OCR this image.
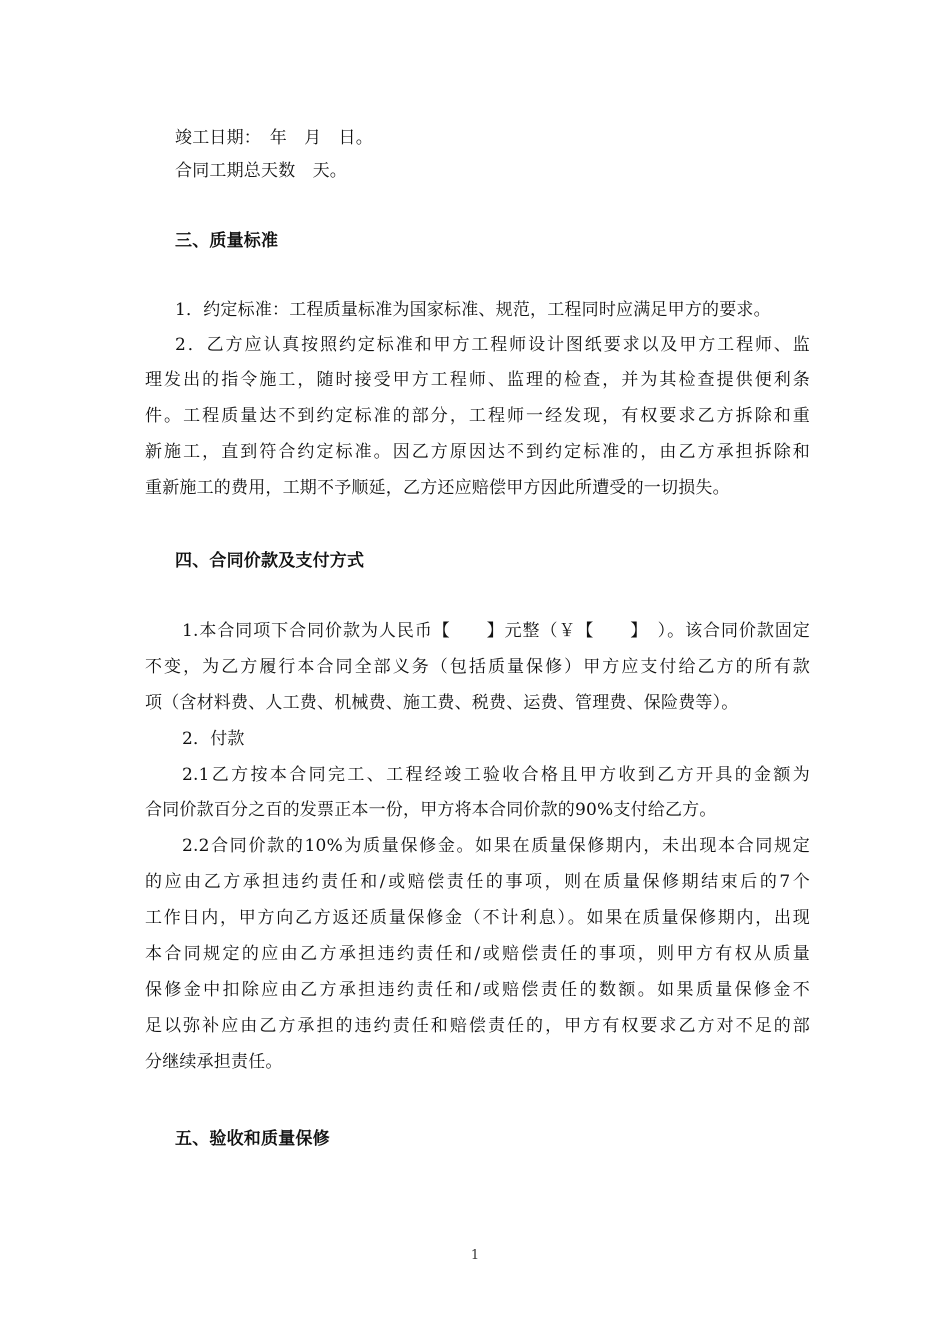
竣工日期：　年　月　日。
合同工期总天数　天。
三、质量标准
1．约定标准：工程质量标准为国家标准、规范，工程同时应满足甲方的要求。
2．乙方应认真按照约定标准和甲方工程师设计图纸要求以及甲方工程师、监
理发出的指令施工，随时接受甲方工程师、监理的检查，并为其检查提供便利条
件。工程质量达不到约定标准的部分，工程师一经发现，有权要求乙方拆除和重
新施工，直到符合约定标准。因乙方原因达不到约定标准的，由乙方承担拆除和
重新施工的费用，工期不予顺延，乙方还应赔偿甲方因此所遭受的一切损失。
四、合同价款及支付方式
1.本合同项下合同价款为人民币【　　】元整（￥【　　】　）。该合同价款固定
不变，为乙方履行本合同全部义务（包括质量保修）甲方应支付给乙方的所有款
项（含材料费、人工费、机械费、施工费、税费、运费、管理费、保险费等）。
2．付款
2.1乙方按本合同完工、工程经竣工验收合格且甲方收到乙方开具的金额为
合同价款百分之百的发票正本一份，甲方将本合同价款的90%支付给乙方。
2.2合同价款的10%为质量保修金。如果在质量保修期内，未出现本合同规定
的应由乙方承担违约责任和/或赔偿责任的事项，则在质量保修期结束后的7个
工作日内，甲方向乙方返还质量保修金（不计利息）。如果在质量保修期内，出现
本合同规定的应由乙方承担违约责任和/或赔偿责任的事项，则甲方有权从质量
保修金中扣除应由乙方承担违约责任和/或赔偿责任的数额。如果质量保修金不
足以弥补应由乙方承担的违约责任和赔偿责任的，甲方有权要求乙方对不足的部
分继续承担责任。
五、验收和质量保修
1
